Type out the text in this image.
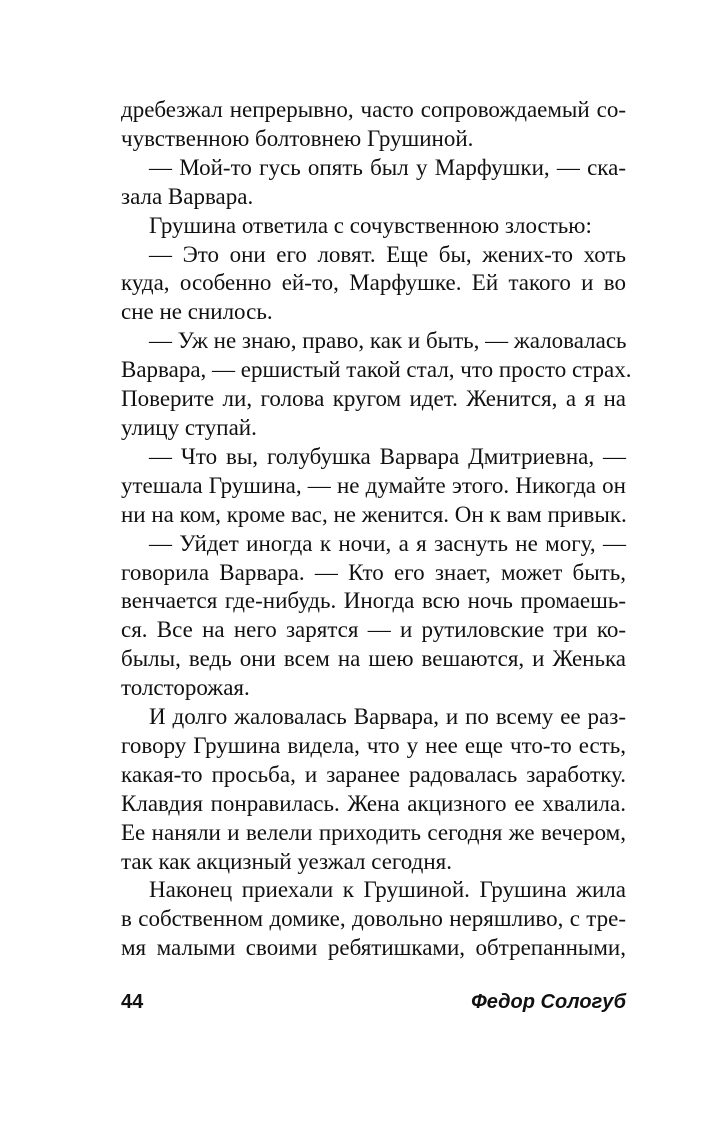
дребезжал непрерывно, часто сопровождаемый со-
чувственною болтовнею Грушиной.
— Мой-то гусь опять был у Марфушки, — ска-
зала Варвара.
Грушина ответила с сочувственною злостью:
— Это они его ловят. Еще бы, жених-то хоть
куда, особенно ей-то, Марфушке. Ей такого и во
сне не снилось.
— Уж не знаю, право, как и быть, — жаловалась
Варвара, — ершистый такой стал, что просто страх.
Поверите ли, голова кругом идет. Женится, а я на
улицу ступай.
— Что вы, голубушка Варвара Дмитриевна, —
утешала Грушина, — не думайте этого. Никогда он
ни на ком, кроме вас, не женится. Он к вам привык.
— Уйдет иногда к ночи, а я заснуть не могу, —
говорила Варвара. — Кто его знает, может быть,
венчается где-нибудь. Иногда всю ночь промаешь-
ся. Все на него зарятся — и рутиловские три ко-
былы, ведь они всем на шею вешаются, и Женька
толсторожая.
И долго жаловалась Варвара, и по всему ее раз-
говору Грушина видела, что у нее еще что-то есть,
какая-то просьба, и заранее радовалась заработку.
Клавдия понравилась. Жена акцизного ее хвалила.
Ее наняли и велели приходить сегодня же вечером,
так как акцизный уезжал сегодня.
Наконец приехали к Грушиной. Грушина жила
в собственном домике, довольно неряшливо, с тре-
мя малыми своими ребятишками, обтрепанными,
44	Федор Сологуб
